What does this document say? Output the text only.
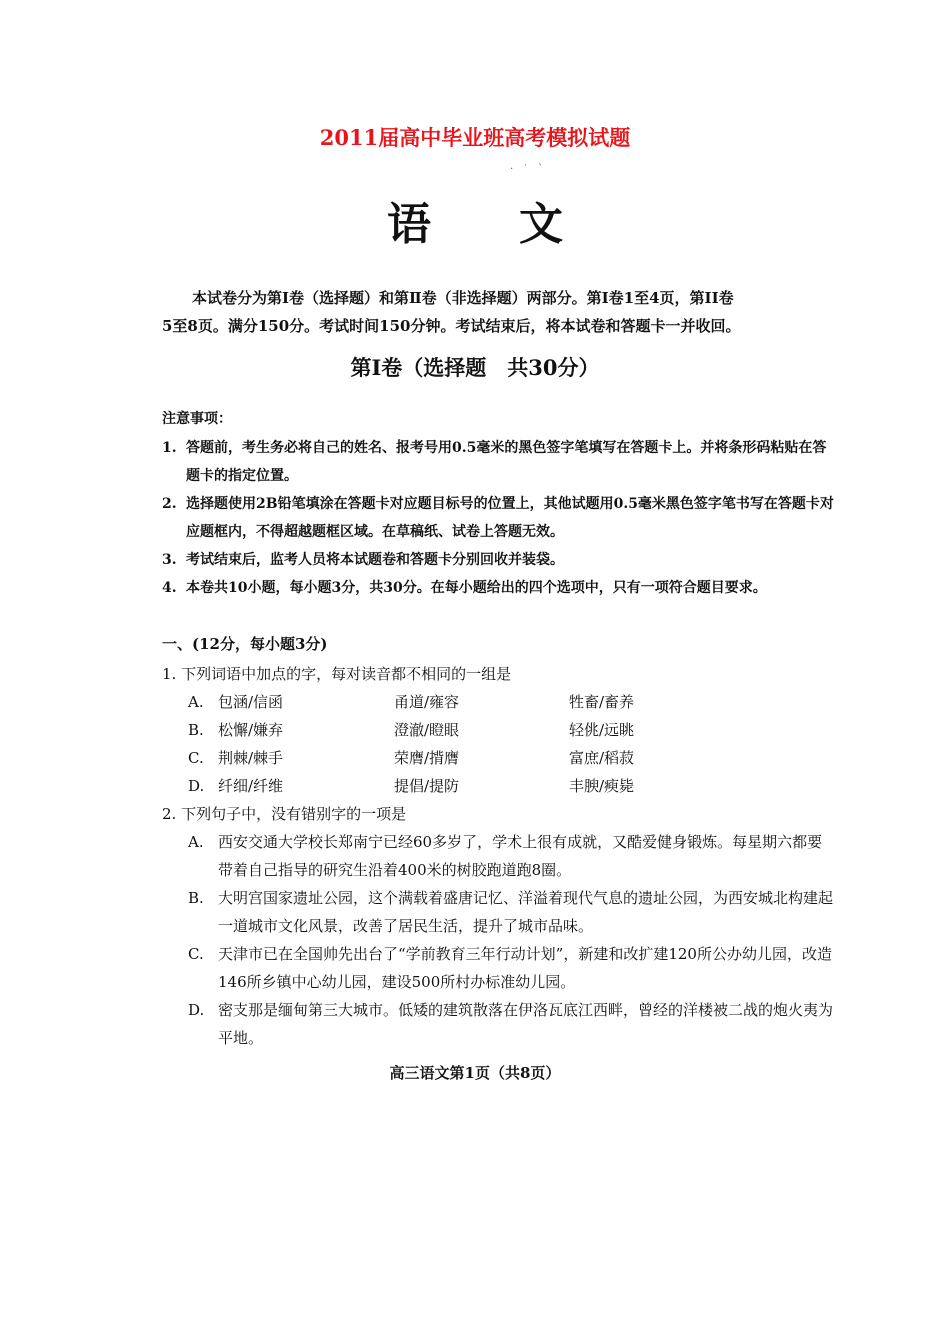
2011届高中毕业班高考模拟试题
·　˙　ˋ
语 文

本试卷分为第Ⅰ卷（选择题）和第Ⅱ卷（非选择题）两部分。第Ⅰ卷1至4页，第II卷

5至8页。满分150分。考试时间150分钟。考试结束后，将本试卷和答题卡一并收回。

第Ⅰ卷（选择题　共30分）
注意事项：
1. 答题前，考生务必将自己的姓名、报考号用0.5毫米的黑色签字笔填写在答题卡上。并将条形码粘贴在答题卡的指定位置。
2. 选择题使用2B铅笔填涂在答题卡对应题目标号的位置上，其他试题用0.5毫米黑色签字笔书写在答题卡对应题框内，不得超越题框区域。在草稿纸、试卷上答题无效。
3. 考试结束后，监考人员将本试题卷和答题卡分别回收并装袋。
4. 本卷共10小题，每小题3分，共30分。在每小题给出的四个选项中，只有一项符合题目要求。
一、(12分，每小题3分)
1. 下列词语中加点的字，每对读音都不相同的一组是
A. 包涵/信函	甬道/雍容	牲畜/畜养
B. 松懈/嫌弃	澄澈/瞪眼	轻佻/远眺
C. 荆棘/棘手	荣膺/揹膺	富庶/稻菽
D. 纤细/纤维	提倡/提防	丰腴/瘐毙
2. 下列句子中，没有错别字的一项是
A. 西安交通大学校长郑南宁已经60多岁了，学术上很有成就，又酷爱健身锻炼。每星期六都要带着自己指导的研究生沿着400米的树胶跑道跑8圈。
B. 大明宫国家遗址公园，这个满载着盛唐记忆、洋溢着现代气息的遗址公园，为西安城北构建起一道城市文化风景，改善了居民生活，提升了城市品味。
C. 天津市已在全国帅先出台了“学前教育三年行动计划”，新建和改扩建120所公办幼儿园，改造146所乡镇中心幼儿园，建设500所村办标准幼儿园。
D. 密支那是缅甸第三大城市。低矮的建筑散落在伊洛瓦底江西畔，曾经的洋楼被二战的炮火夷为平地。
高三语文第1页（共8页）
